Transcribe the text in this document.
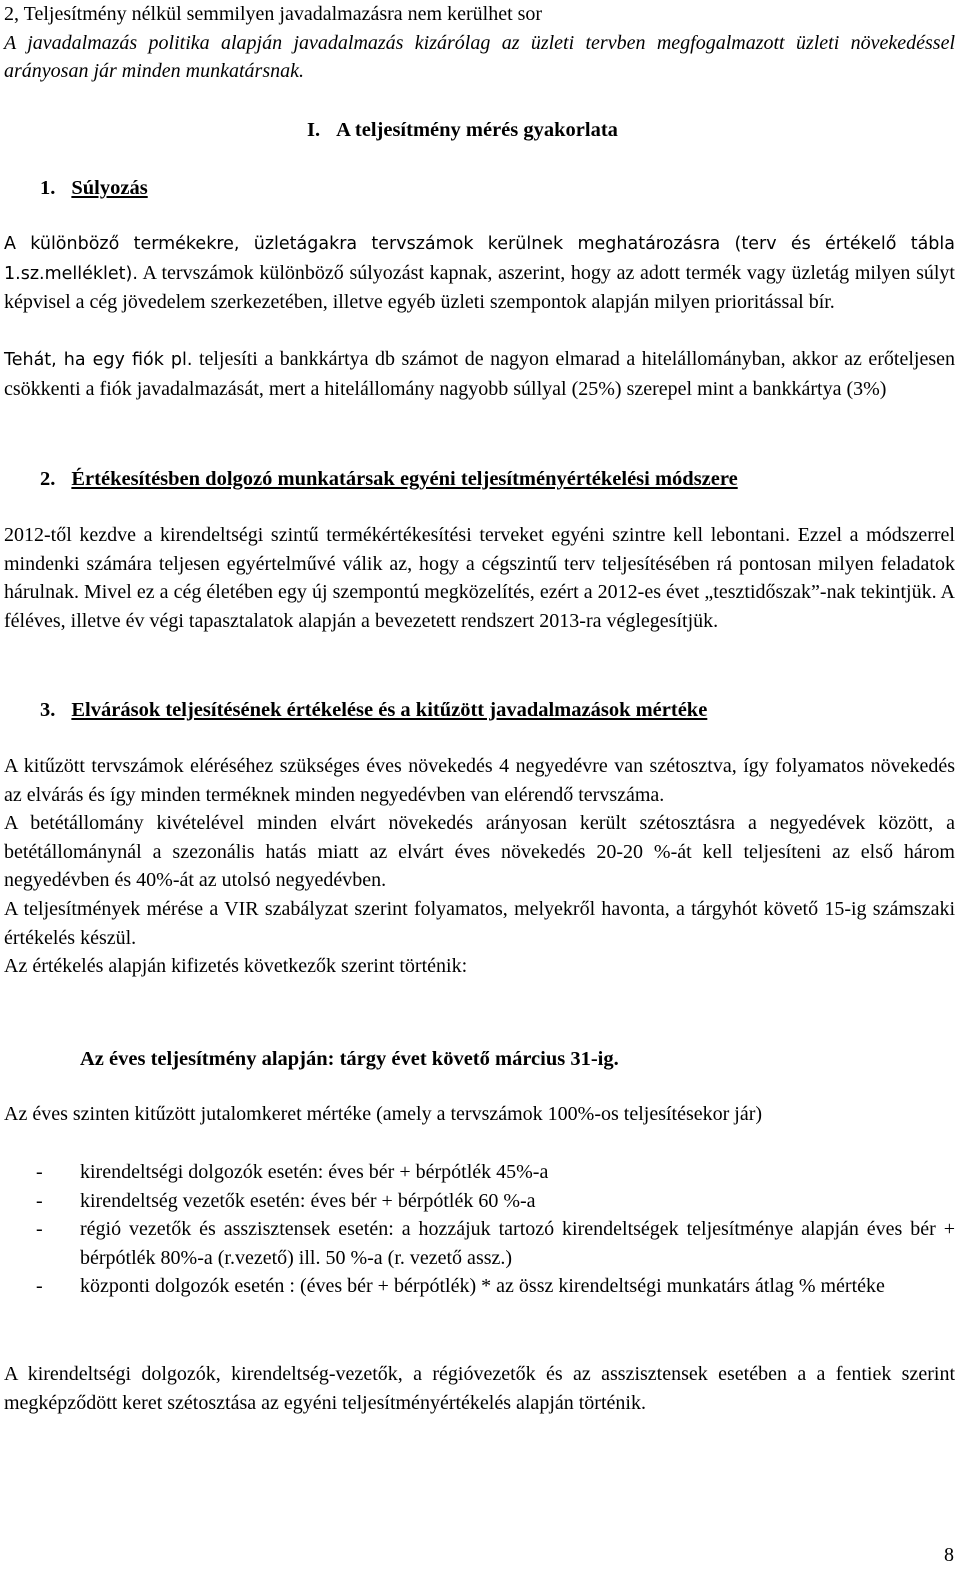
2, Teljesítmény nélkül semmilyen javadalmazásra nem kerülhet sor

A javadalmazás politika alapján javadalmazás kizárólag az üzleti tervben megfogalmazott üzleti növekedéssel arányosan jár minden munkatársnak.

I. A teljesítmény mérés gyakorlata
1. Súlyozás
A különböző termékekre, üzletágakra tervszámok kerülnek meghatározásra (terv és értékelő tábla 1.sz.melléklet). A tervszámok különböző súlyozást kapnak, aszerint, hogy az adott termék vagy üzletág milyen súlyt képvisel a cég jövedelem szerkezetében, illetve egyéb üzleti szempontok alapján milyen prioritással bír.
Tehát, ha egy fiók pl. teljesíti a bankkártya db számot de nagyon elmarad a hitelállományban, akkor az erőteljesen csökkenti a fiók javadalmazását, mert a hitelállomány nagyobb súllyal (25%) szerepel mint a bankkártya (3%)
2. Értékesítésben dolgozó munkatársak egyéni teljesítményértékelési módszere

2012-től kezdve a kirendeltségi szintű termékértékesítési terveket egyéni szintre kell lebontani. Ezzel a módszerrel mindenki számára teljesen egyértelművé válik az, hogy a cégszintű terv teljesítésében rá pontosan milyen feladatok hárulnak. Mivel ez a cég életében egy új szempontú megközelítés, ezért a 2012-es évet „tesztidőszak”-nak tekintjük. A féléves, illetve év végi tapasztalatok alapján a bevezetett rendszert 2013-ra véglegesítjük.

3. Elvárások teljesítésének értékelése és a kitűzött javadalmazások mértéke

A kitűzött tervszámok eléréséhez szükséges éves növekedés 4 negyedévre van szétosztva, így folyamatos növekedés az elvárás és így minden terméknek minden negyedévben van elérendő tervszáma.

A betétállomány kivételével minden elvárt növekedés arányosan került szétosztásra a negyedévek között, a betétállománynál a szezonális hatás miatt az elvárt éves növekedés 20-20 %-át kell teljesíteni az első három negyedévben és 40%-át az utolsó negyedévben.

A teljesítmények mérése a VIR szabályzat szerint folyamatos, melyekről havonta, a tárgyhót követő 15-ig számszaki értékelés készül.

Az értékelés alapján kifizetés következők szerint történik:

Az éves teljesítmény alapján: tárgy évet követő március 31-ig.

Az éves szinten kitűzött jutalomkeret mértéke (amely a tervszámok 100%-os teljesítésekor jár)

-	kirendeltségi dolgozók esetén: éves bér + bérpótlék 45%-a
-	kirendeltség vezetők esetén: éves bér + bérpótlék 60 %-a
-	régió vezetők és asszisztensek esetén: a hozzájuk tartozó kirendeltségek teljesítménye alapján éves bér + bérpótlék 80%-a (r.vezető) ill. 50 %-a (r. vezető assz.)
-	központi dolgozók esetén : (éves bér + bérpótlék) * az össz kirendeltségi munkatárs átlag % mértéke

A kirendeltségi dolgozók, kirendeltség-vezetők, a régióvezetők és az asszisztensek esetében a a fentiek szerint megképződött keret szétosztása az egyéni teljesítményértékelés alapján történik.

8
